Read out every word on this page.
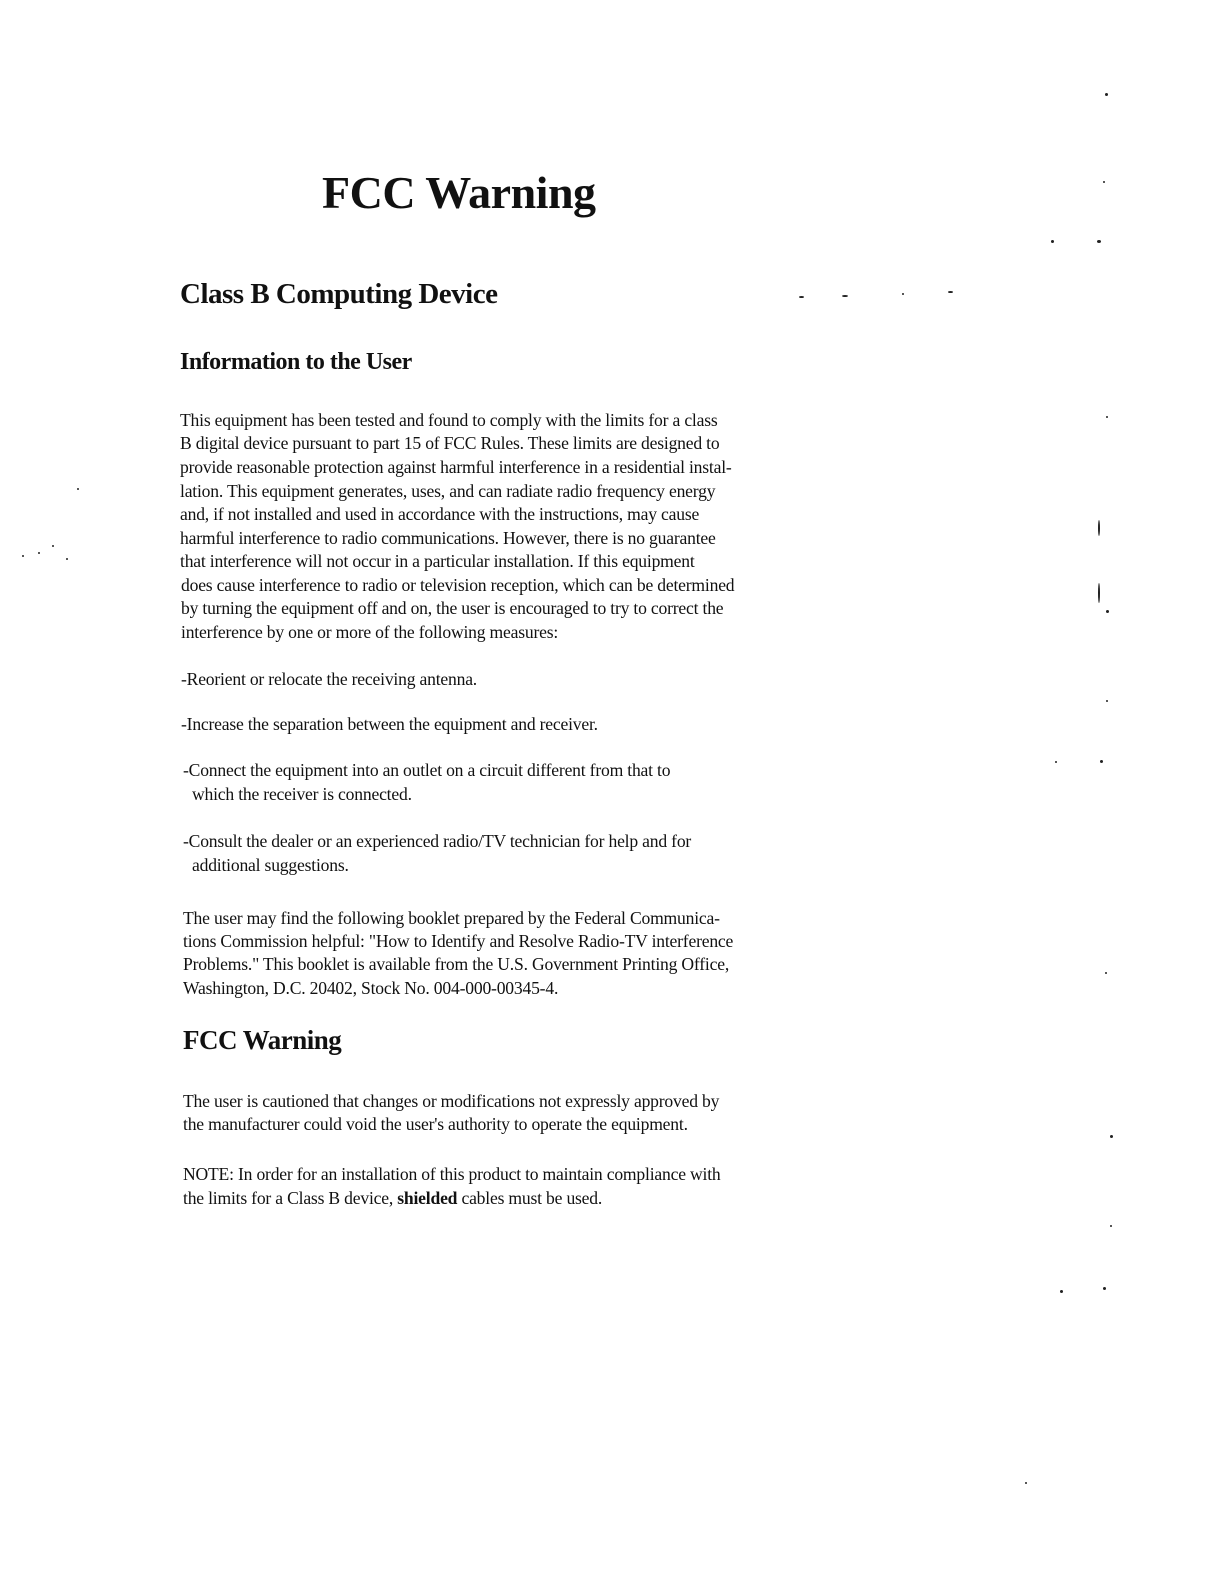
FCC Warning
Class B Computing Device
Information to the User
This equipment has been tested and found to comply with the limits for a class
B digital device pursuant to part 15 of FCC Rules. These limits are designed to
provide reasonable protection against harmful interference in a residential instal-
lation. This equipment generates, uses, and can radiate radio frequency energy
and, if not installed and used in accordance with the instructions, may cause
harmful interference to radio communications. However, there is no guarantee
that interference will not occur in a particular installation. If this equipment
does cause interference to radio or television reception, which can be determined
by turning the equipment off and on, the user is encouraged to try to correct the
interference by one or more of the following measures:
-Reorient or relocate the receiving antenna.
-Increase the separation between the equipment and receiver.
-Connect the equipment into an outlet on a circuit different from that to
which the receiver is connected.
-Consult the dealer or an experienced radio/TV technician for help and for
additional suggestions.
The user may find the following booklet prepared by the Federal Communica-
tions Commission helpful: "How to Identify and Resolve Radio-TV interference
Problems." This booklet is available from the U.S. Government Printing Office,
Washington, D.C. 20402, Stock No. 004-000-00345-4.
FCC Warning
The user is cautioned that changes or modifications not expressly approved by
the manufacturer could void the user's authority to operate the equipment.
NOTE: In order for an installation of this product to maintain compliance with
the limits for a Class B device, shielded cables must be used.
